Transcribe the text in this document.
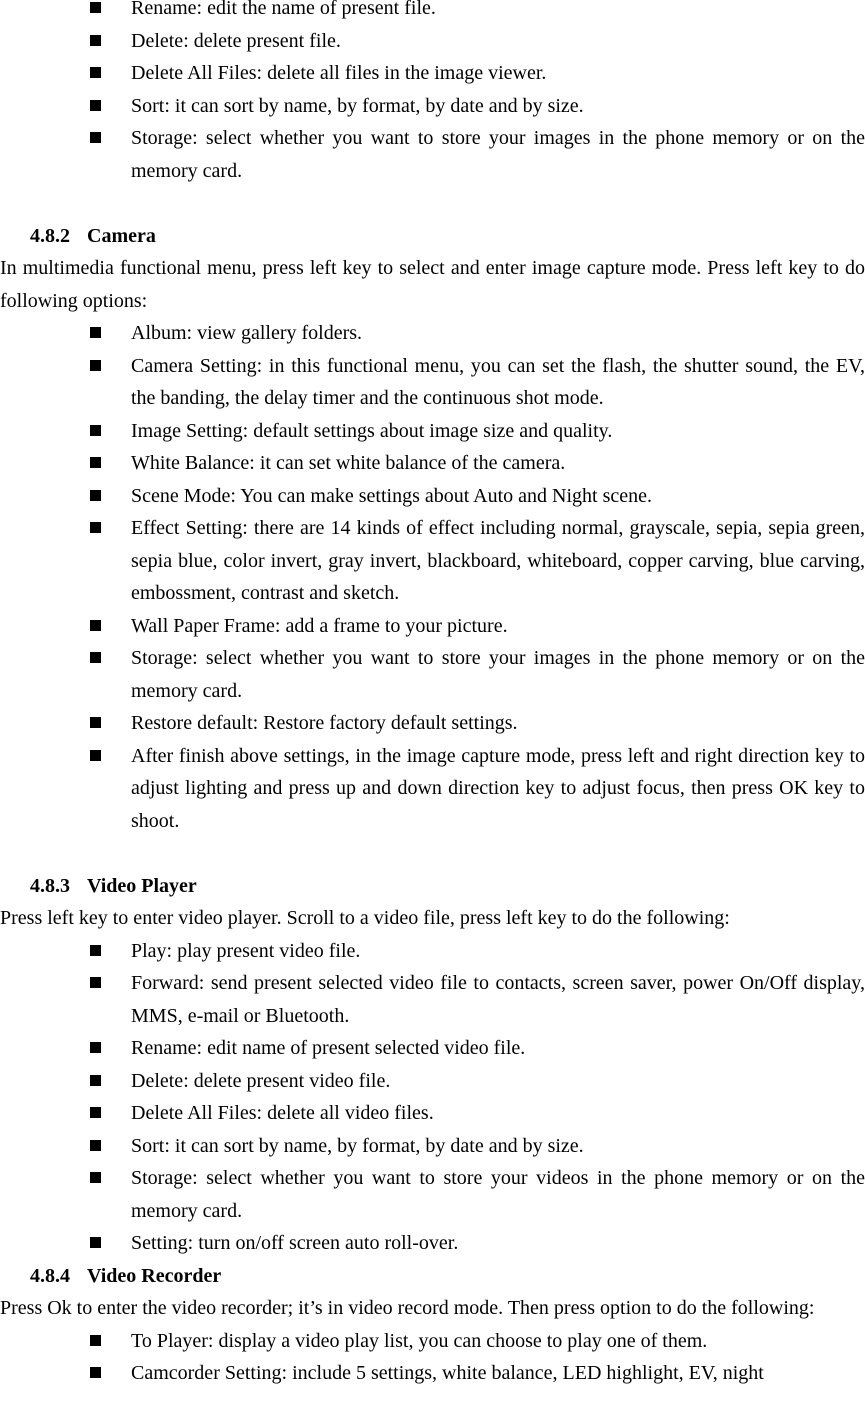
Rename: edit the name of present file.
Delete: delete present file.
Delete All Files: delete all files in the image viewer.
Sort: it can sort by name, by format, by date and by size.
Storage: select whether you want to store your images in the phone memory or on the memory card.

4.8.2 Camera

In multimedia functional menu, press left key to select and enter image capture mode. Press left key to do following options:

Album: view gallery folders.
Camera Setting: in this functional menu, you can set the flash, the shutter sound, the EV, the banding, the delay timer and the continuous shot mode.
Image Setting: default settings about image size and quality.
White Balance: it can set white balance of the camera.
Scene Mode: You can make settings about Auto and Night scene.
Effect Setting: there are 14 kinds of effect including normal, grayscale, sepia, sepia green, sepia blue, color invert, gray invert, blackboard, whiteboard, copper carving, blue carving, embossment, contrast and sketch.
Wall Paper Frame: add a frame to your picture.
Storage: select whether you want to store your images in the phone memory or on the memory card.
Restore default: Restore factory default settings.
After finish above settings, in the image capture mode, press left and right direction key to adjust lighting and press up and down direction key to adjust focus, then press OK key to shoot.

4.8.3 Video Player

Press left key to enter video player. Scroll to a video file, press left key to do the following:

Play: play present video file.
Forward: send present selected video file to contacts, screen saver, power On/Off display, MMS, e-mail or Bluetooth.
Rename: edit name of present selected video file.
Delete: delete present video file.
Delete All Files: delete all video files.
Sort: it can sort by name, by format, by date and by size.
Storage: select whether you want to store your videos in the phone memory or on the memory card.
Setting: turn on/off screen auto roll-over.

4.8.4 Video Recorder

Press Ok to enter the video recorder; it’s in video record mode. Then press option to do the following:

To Player: display a video play list, you can choose to play one of them.
Camcorder Setting: include 5 settings, white balance, LED highlight, EV, night
